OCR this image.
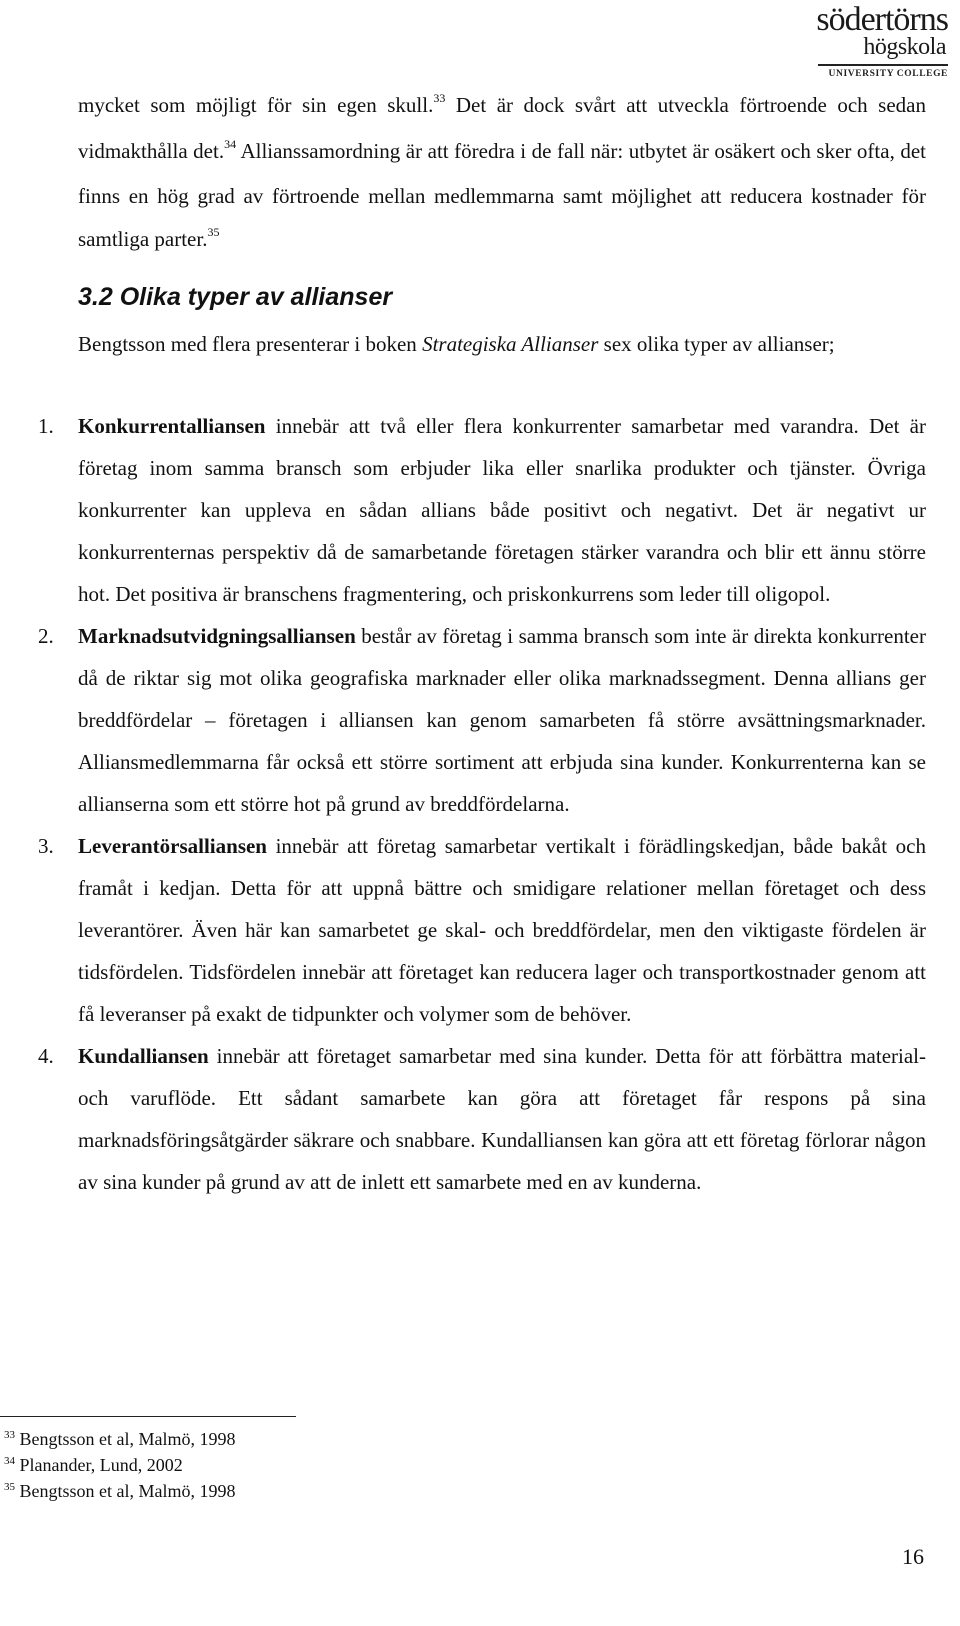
södertörns
högskola
UNIVERSITY COLLEGE

mycket som möjligt för sin egen skull.$^{33}$ Det är dock svårt att utveckla förtroende och sedan vidmakthålla det.$^{34}$ Allianssamordning är att föredra i de fall när: utbytet är osäkert och sker ofta, det finns en hög grad av förtroende mellan medlemmarna samt möjlighet att reducera kostnader för samtliga parter.$^{35}$

3.2 Olika typer av allianser

Bengtsson med flera presenterar i boken Strategiska Allianser sex olika typer av allianser;

1. Konkurrentalliansen innebär att två eller flera konkurrenter samarbetar med varandra. Det är företag inom samma bransch som erbjuder lika eller snarlika produkter och tjänster. Övriga konkurrenter kan uppleva en sådan allians både positivt och negativt. Det är negativt ur konkurrenternas perspektiv då de samarbetande företagen stärker varandra och blir ett ännu större hot. Det positiva är branschens fragmentering, och priskonkurrens som leder till oligopol.
2. Marknadsutvidgningsalliansen består av företag i samma bransch som inte är direkta konkurrenter då de riktar sig mot olika geografiska marknader eller olika marknadssegment. Denna allians ger breddfördelar – företagen i alliansen kan genom samarbeten få större avsättningsmarknader. Alliansmedlemmarna får också ett större sortiment att erbjuda sina kunder. Konkurrenterna kan se allianserna som ett större hot på grund av breddfördelarna.
3. Leverantörsalliansen innebär att företag samarbetar vertikalt i förädlingskedjan, både bakåt och framåt i kedjan. Detta för att uppnå bättre och smidigare relationer mellan företaget och dess leverantörer. Även här kan samarbetet ge skal- och breddfördelar, men den viktigaste fördelen är tidsfördelen. Tidsfördelen innebär att företaget kan reducera lager och transportkostnader genom att få leveranser på exakt de tidpunkter och volymer som de behöver.
4. Kundalliansen innebär att företaget samarbetar med sina kunder. Detta för att förbättra material- och varuflöde. Ett sådant samarbete kan göra att företaget får respons på sina marknadsföringsåtgärder säkrare och snabbare. Kundalliansen kan göra att ett företag förlorar någon av sina kunder på grund av att de inlett ett samarbete med en av kunderna.

$^{33}$ Bengtsson et al, Malmö, 1998

$^{34}$ Planander, Lund, 2002

$^{35}$ Bengtsson et al, Malmö, 1998

16
